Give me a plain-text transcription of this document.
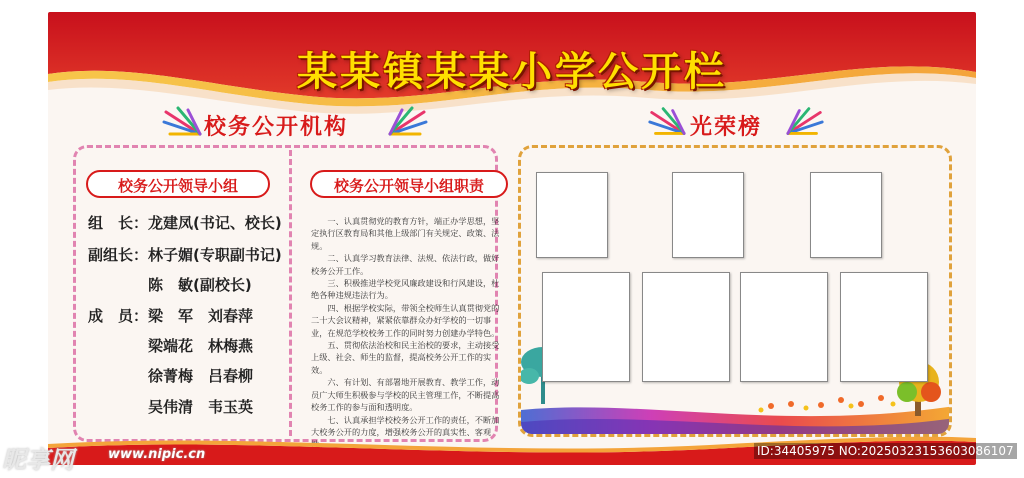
某某镇某某小学公开栏
校务公开机构	光荣榜
校务公开领导小组	校务公开领导小组职责
组　长：龙建凤(书记、校长)
副组长：林子媚(专职副书记)
陈　敏(副校长)
成　员：梁　军　刘春萍
梁端花　林梅燕
徐菁梅　吕春柳
吴伟清　韦玉英

一、认真贯彻党的教育方针，端正办学思想，坚定执行区教育局和其他上级部门有关规定、政策、法规。

二、认真学习教育法律、法规、依法行政，做好校务公开工作。

三、积极推进学校党风廉政建设和行风建设，杜绝各种违规违法行为。

四、根据学校实际，带领全校师生认真贯彻党的二十大会议精神，紧紧依靠群众办好学校的一切事业，在规范学校校务工作的同时努力创建办学特色。

五、贯彻依法治校和民主治校的要求，主动接受上级、社会、师生的监督，提高校务公开工作的实效。

六、有计划、有部署地开展教育、教学工作，动员广大师生积极参与学校的民主管理工作，不断提高校务工作的参与面和透明度。

七、认真承担学校校务公开工作的责任，不断加大校务公开的力度，增强校务公开的真实性、客观

昵享网	www.nipic.cn	ID:34405975 NO:20250323153603086107
